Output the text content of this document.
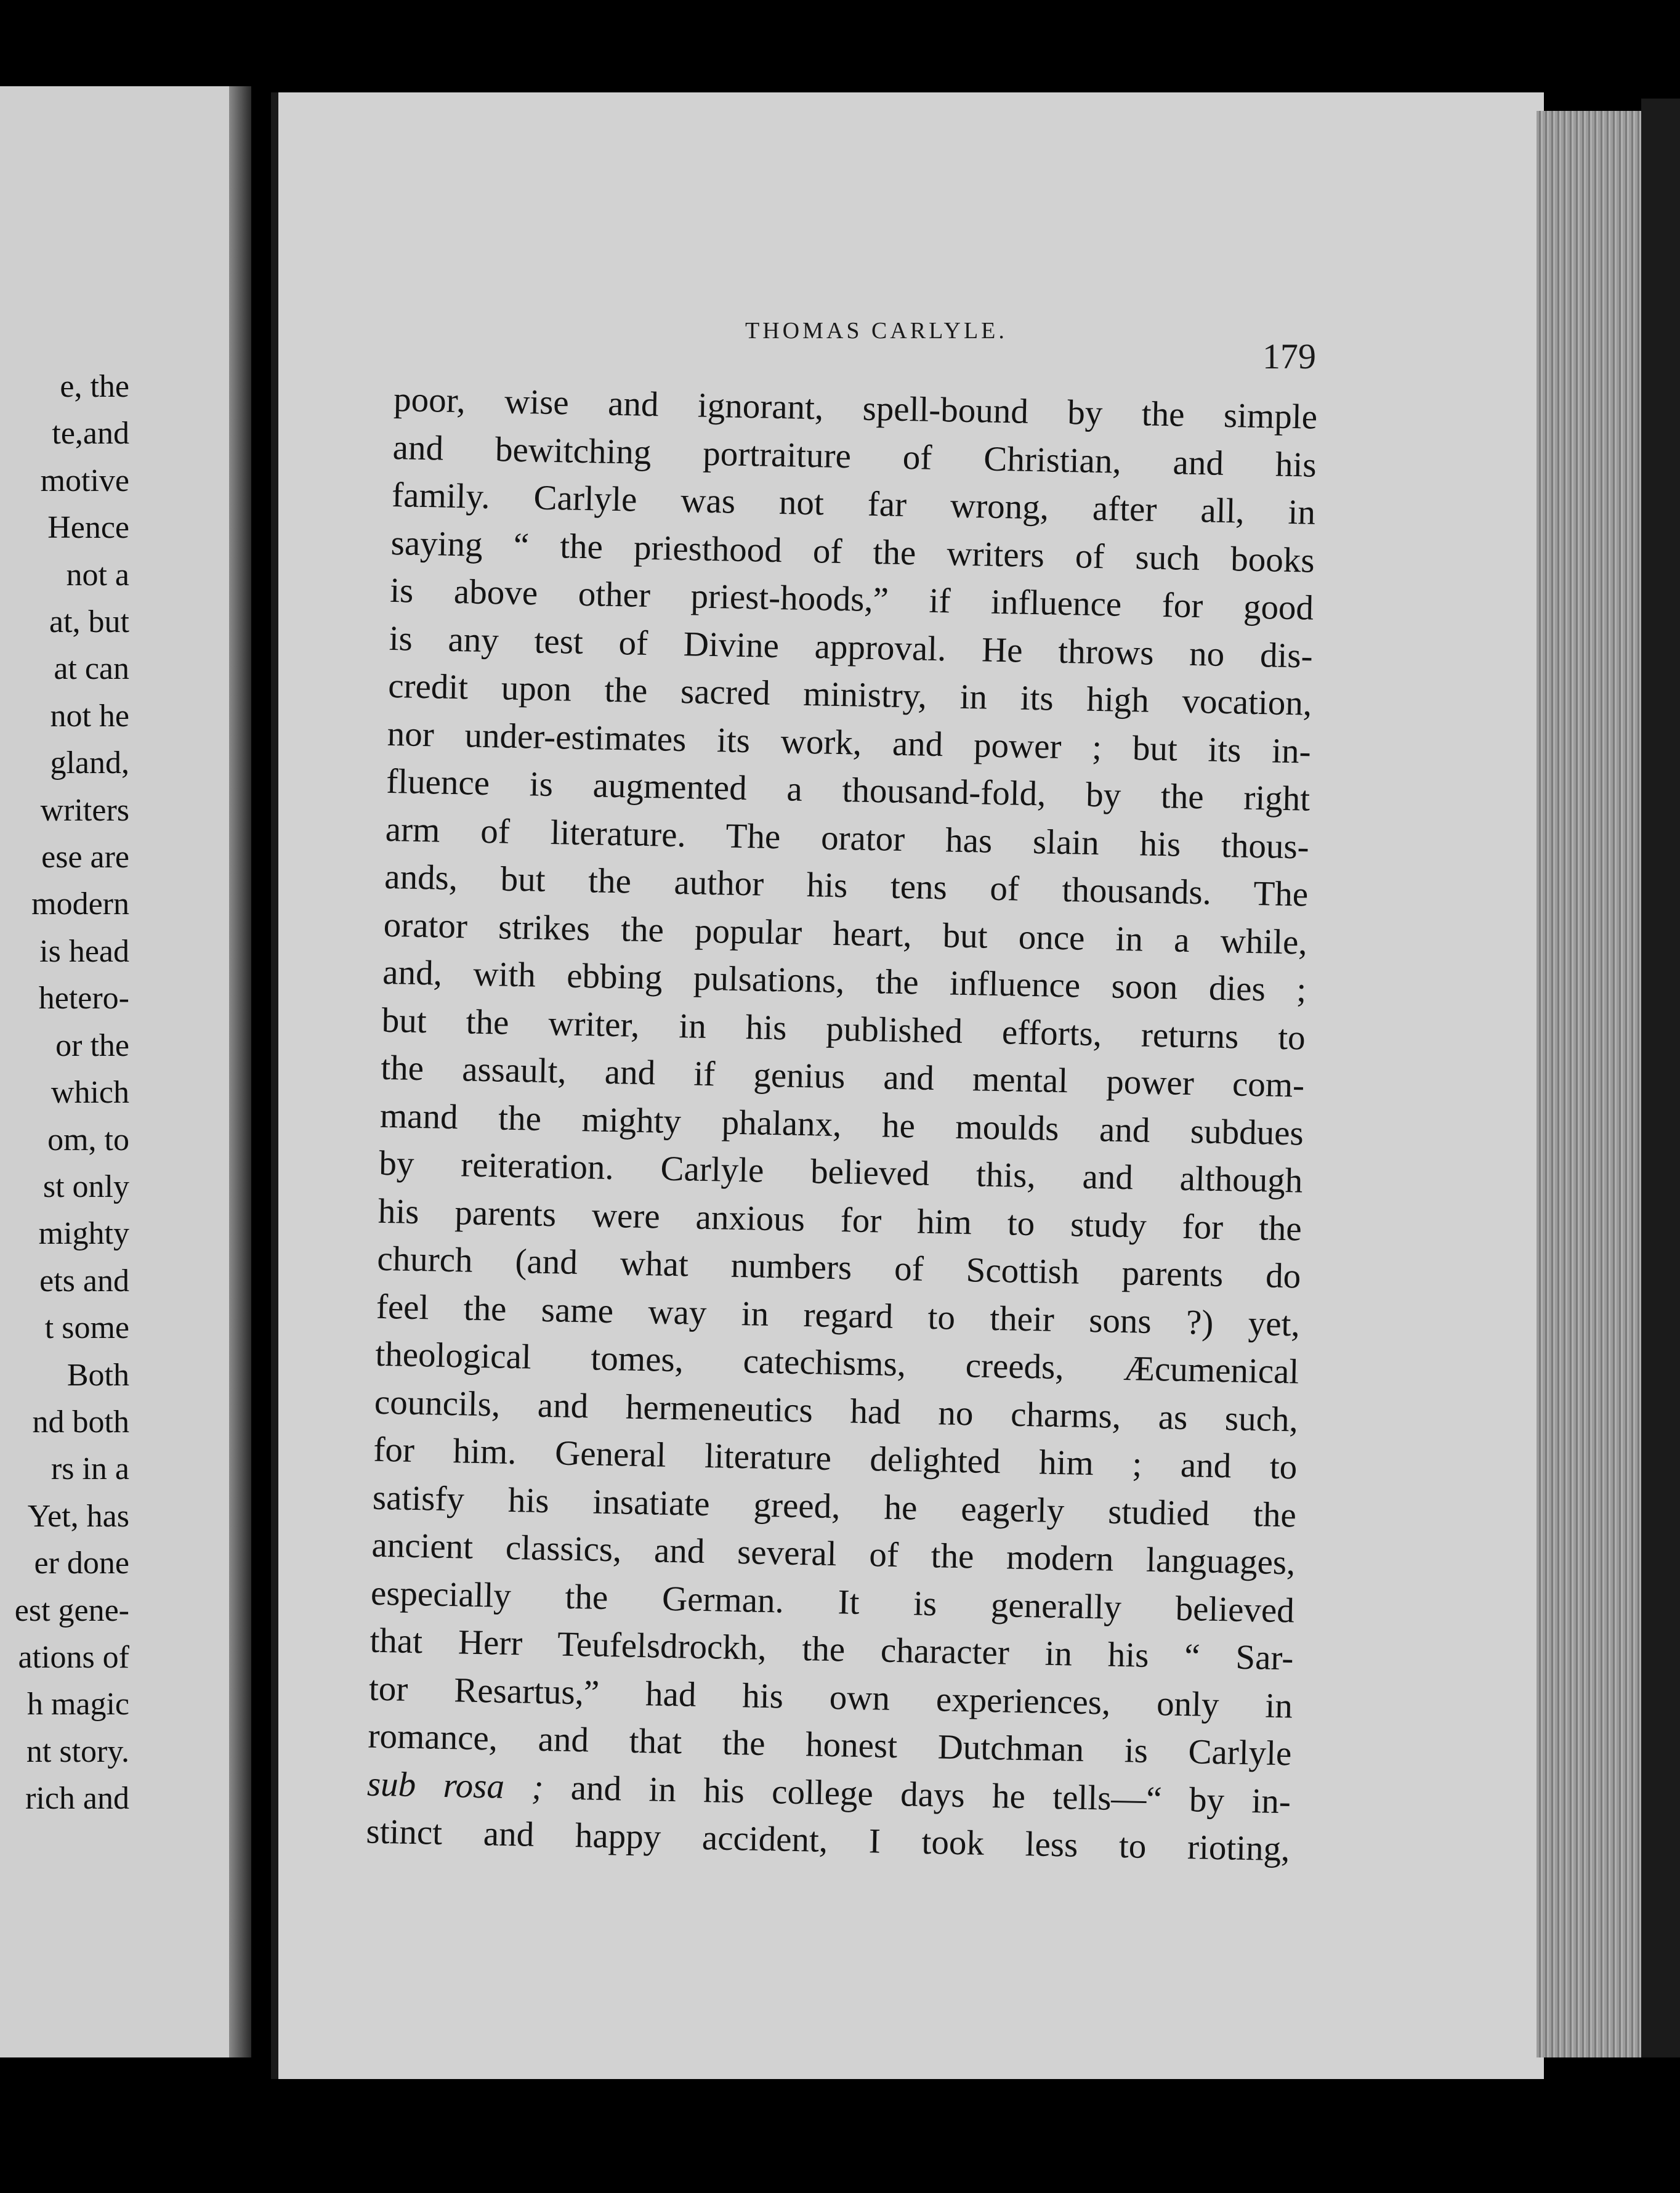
e, the
te,and
motive
Hence
not a
at, but
at can
not he
gland,
writers
ese are
modern
is head
hetero-
or the
which
om, to
st only
mighty
ets and
t some
Both
nd both
rs in a
Yet, has
er done
est gene-
ations of
h magic
nt story.
rich and
THOMAS CARLYLE.
179
poor, wise and ignorant, spell-bound by the simple
and bewitching portraiture of Christian, and his
family. Carlyle was not far wrong, after all, in
saying “ the priesthood of the writers of such books
is above other priest-hoods,” if influence for good
is any test of Divine approval. He throws no dis-
credit upon the sacred ministry, in its high vocation,
nor under-estimates its work, and power ; but its in-
fluence is augmented a thousand-fold, by the right
arm of literature. The orator has slain his thous-
ands, but the author his tens of thousands. The
orator strikes the popular heart, but once in a while,
and, with ebbing pulsations, the influence soon dies ;
but the writer, in his published efforts, returns to
the assault, and if genius and mental power com-
mand the mighty phalanx, he moulds and subdues
by reiteration. Carlyle believed this, and although
his parents were anxious for him to study for the
church (and what numbers of Scottish parents do
feel the same way in regard to their sons ?) yet,
theological tomes, catechisms, creeds, Æcumenical
councils, and hermeneutics had no charms, as such,
for him. General literature delighted him ; and to
satisfy his insatiate greed, he eagerly studied the
ancient classics, and several of the modern languages,
especially the German. It is generally believed
that Herr Teufelsdrockh, the character in his “ Sar-
tor Resartus,” had his own experiences, only in
romance, and that the honest Dutchman is Carlyle
sub rosa ; and in his college days he tells—“ by in-
stinct and happy accident, I took less to rioting,
